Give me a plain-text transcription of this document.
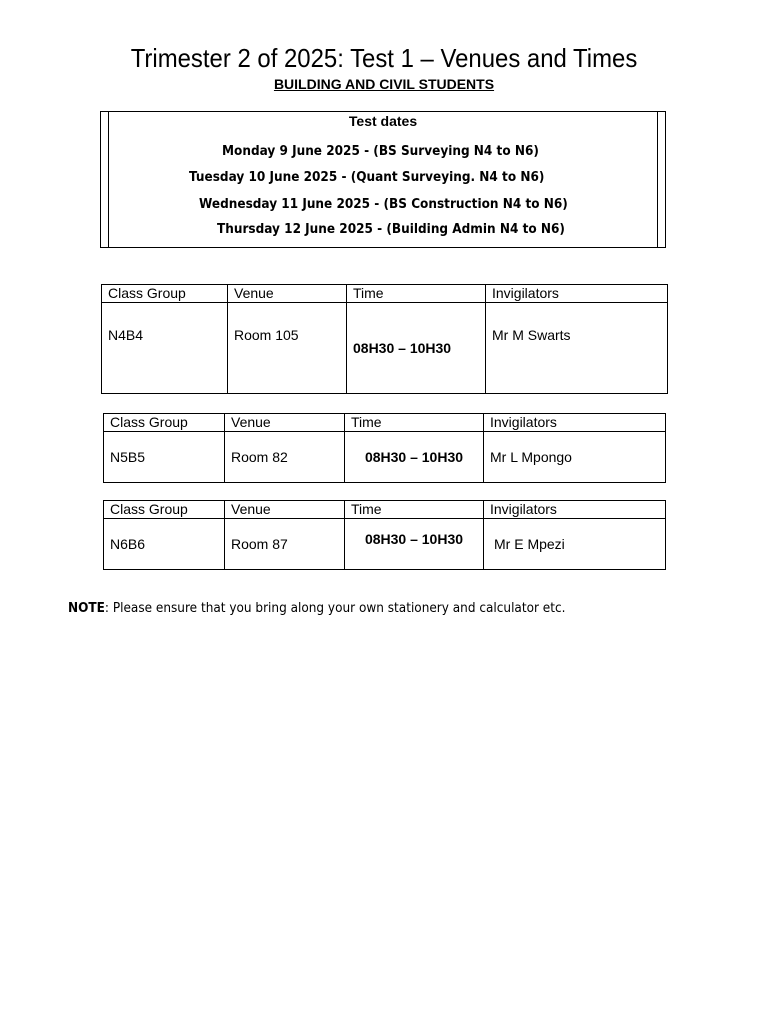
Trimester 2 of 2025: Test 1 – Venues and Times
BUILDING AND CIVIL STUDENTS
Test dates
Monday 9 June 2025 - (BS Surveying N4 to N6)
Tuesday 10 June 2025 - (Quant Surveying. N4 to N6)
Wednesday 11 June 2025 - (BS Construction N4 to N6)
Thursday 12 June 2025 - (Building Admin N4 to N6)
Class Group	Venue	Time	Invigilators
N4B4	Room 105	08H30 – 10H30	Mr M Swarts
Class Group	Venue	Time	Invigilators
N5B5	Room 82	08H30 – 10H30	Mr L Mpongo
Class Group	Venue	Time	Invigilators
N6B6	Room 87	08H30 – 10H30	Mr E Mpezi
NOTE: Please ensure that you bring along your own stationery and calculator etc.
